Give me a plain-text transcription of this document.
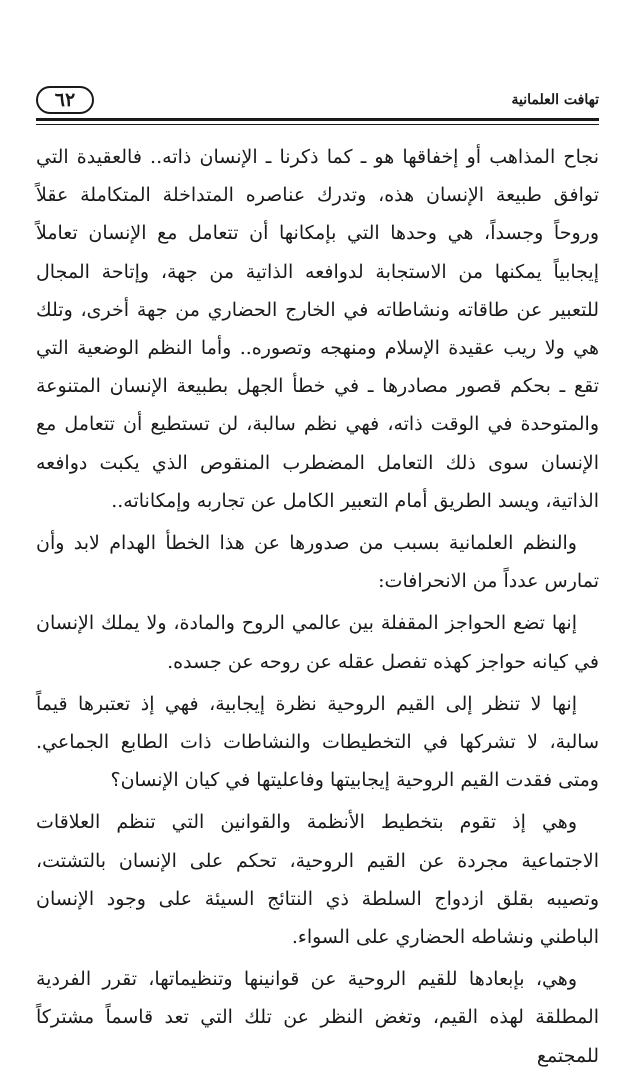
٦٢	تهافت العلمانية

نجاح المذاهب أو إخفاقها هو ـ كما ذكرنا ـ الإنسان ذاته.. فالعقيدة التي توافق طبيعة الإنسان هذه، وتدرك عناصره المتداخلة المتكاملة عقلاً وروحاً وجسداً، هي وحدها التي بإمكانها أن تتعامل مع الإنسان تعاملاً إيجابياً يمكنها من الاستجابة لدوافعه الذاتية من جهة، وإتاحة المجال للتعبير عن طاقاته ونشاطاته في الخارج الحضاري من جهة أخرى، وتلك هي ولا ريب عقيدة الإسلام ومنهجه وتصوره.. وأما النظم الوضعية التي تقع ـ بحكم قصور مصادرها ـ في خطأ الجهل بطبيعة الإنسان المتنوعة والمتوحدة في الوقت ذاته، فهي نظم سالبة، لن تستطيع أن تتعامل مع الإنسان سوى ذلك التعامل المضطرب المنقوص الذي يكبت دوافعه الذاتية، ويسد الطريق أمام التعبير الكامل عن تجاربه وإمكاناته..

والنظم العلمانية بسبب من صدورها عن هذا الخطأ الهدام لابد وأن تمارس عدداً من الانحرافات:

إنها تضع الحواجز المقفلة بين عالمي الروح والمادة، ولا يملك الإنسان في كيانه حواجز كهذه تفصل عقله عن روحه عن جسده.

إنها لا تنظر إلى القيم الروحية نظرة إيجابية، فهي إذ تعتبرها قيماً سالبة، لا تشركها في التخطيطات والنشاطات ذات الطابع الجماعي. ومتى فقدت القيم الروحية إيجابيتها وفاعليتها في كيان الإنسان؟

وهي إذ تقوم بتخطيط الأنظمة والقوانين التي تنظم العلاقات الاجتماعية مجردة عن القيم الروحية، تحكم على الإنسان بالتشتت، وتصيبه بقلق ازدواج السلطة ذي النتائج السيئة على وجود الإنسان الباطني ونشاطه الحضاري على السواء.

وهي، بإبعادها للقيم الروحية عن قوانينها وتنظيماتها، تقرر الفردية المطلقة لهذه القيم، وتغض النظر عن تلك التي تعد قاسماً مشتركاً للمجتمع
